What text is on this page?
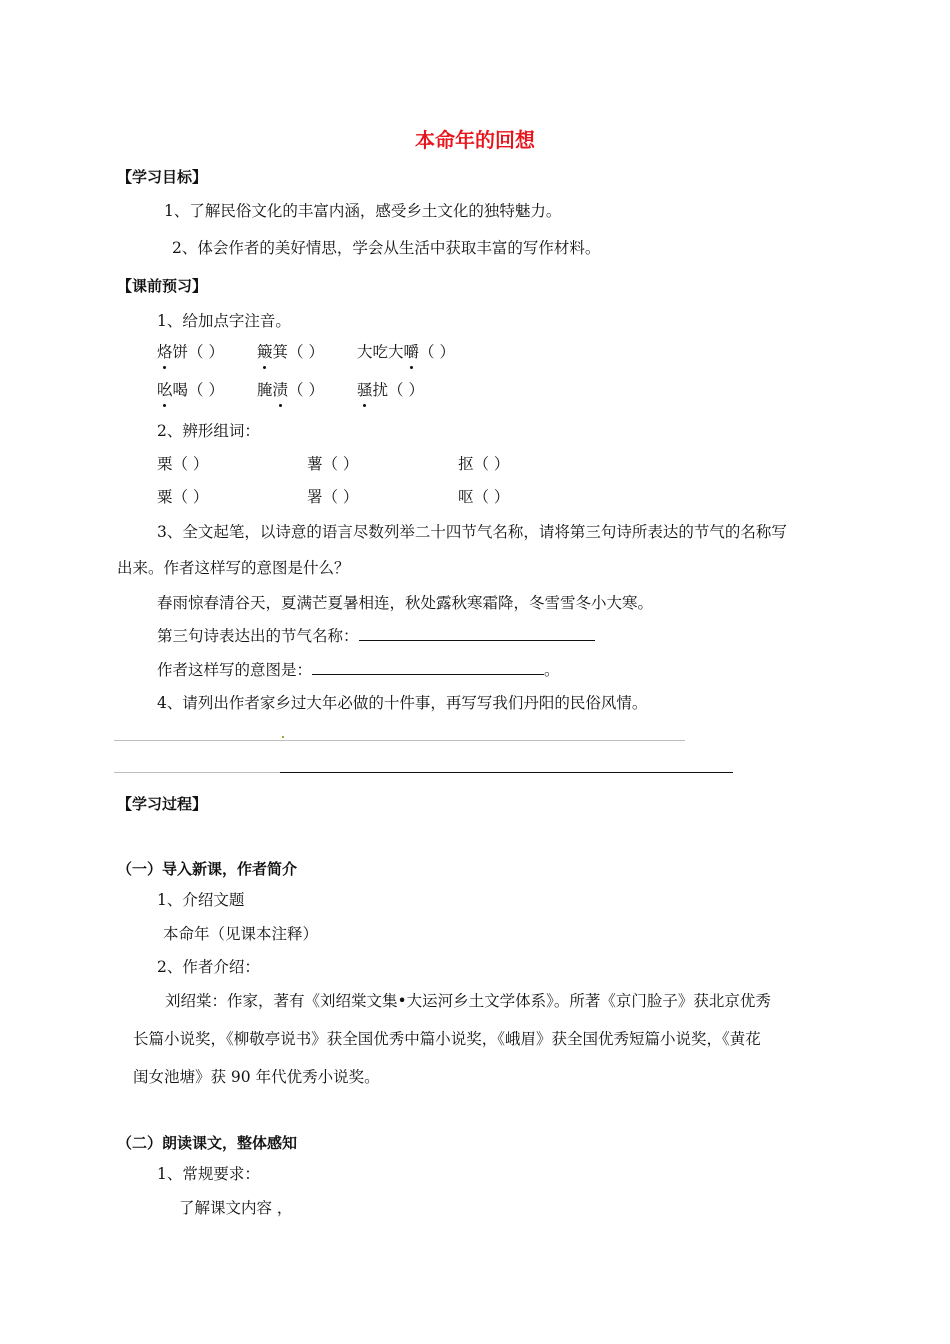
本命年的回想
【学习目标】
1、了解民俗文化的丰富内涵，感受乡土文化的独特魅力。
2、体会作者的美好情思，学会从生活中获取丰富的写作材料。
【课前预习】
1、给加点字注音。
烙饼（ ） 簸箕（ ） 大吃大嚼（ ）
吆喝（ ） 腌渍（ ） 骚扰（ ）
2、辨形组词：
栗（ ）	薯（ ）	抠（ ）
粟（ ）	署（ ）	呕（ ）
3、全文起笔，以诗意的语言尽数列举二十四节气名称，请将第三句诗所表达的节气的名称写
出来。作者这样写的意图是什么？
春雨惊春清谷天，夏满芒夏暑相连，秋处露秋寒霜降，冬雪雪冬小大寒。
第三句诗表达出的节气名称：
作者这样写的意图是：	。
4、请列出作者家乡过大年必做的十件事，再写写我们丹阳的民俗风情。
【学习过程】
（一）导入新课，作者简介
1、介绍文题
本命年（见课本注释）
2、作者介绍：
刘绍棠：作家，著有《刘绍棠文集•大运河乡土文学体系》。所著《京门脸子》获北京优秀
长篇小说奖，《柳敬亭说书》获全国优秀中篇小说奖，《峨眉》获全国优秀短篇小说奖，《黄花
闺女池塘》获 90 年代优秀小说奖。
（二）朗读课文，整体感知
1、常规要求：
了解课文内容 ，
